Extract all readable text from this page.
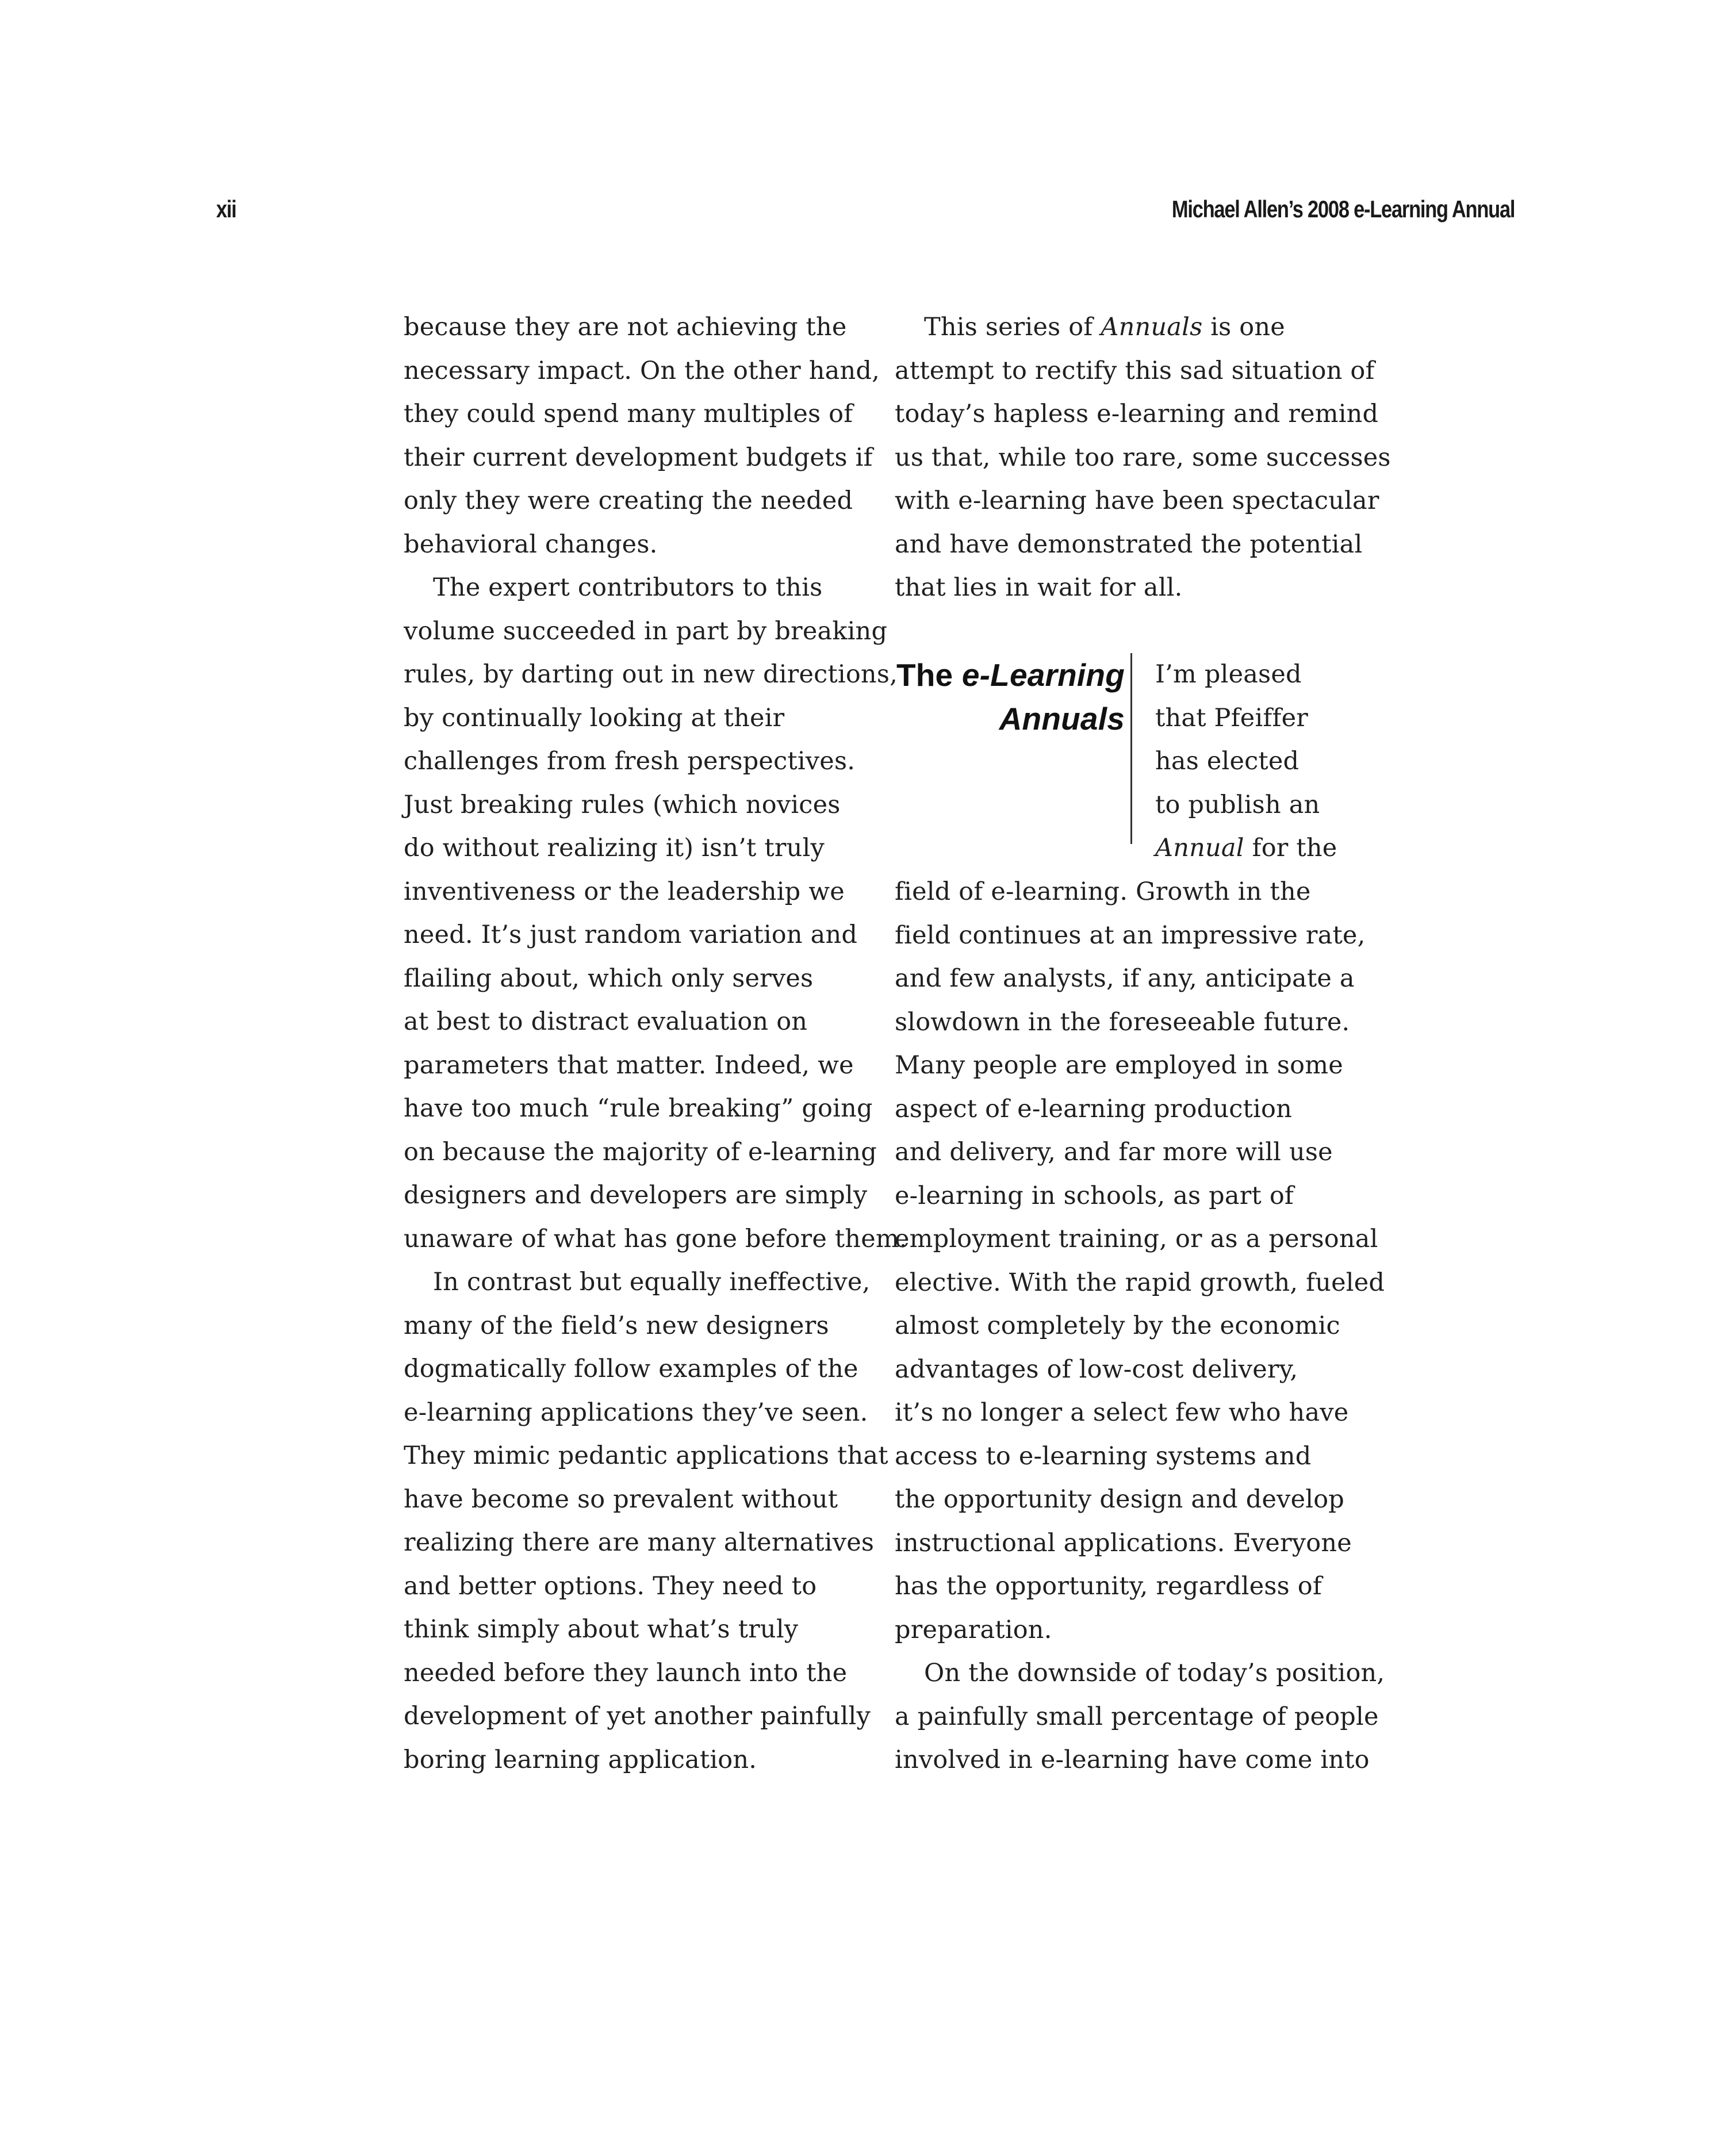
xii	Michael Allen’s 2008 e-Learning Annual
because they are not achieving the
necessary impact. On the other hand,
they could spend many multiples of
their current development budgets if
only they were creating the needed
behavioral changes.
The expert contributors to this
volume succeeded in part by breaking
rules, by darting out in new directions,
by continually looking at their
challenges from fresh perspectives.
Just breaking rules (which novices
do without realizing it) isn’t truly
inventiveness or the leadership we
need. It’s just random variation and
flailing about, which only serves
at best to distract evaluation on
parameters that matter. Indeed, we
have too much “rule breaking” going
on because the majority of e-learning
designers and developers are simply
unaware of what has gone before them.
In contrast but equally ineffective,
many of the field’s new designers
dogmatically follow examples of the
e-learning applications they’ve seen.
They mimic pedantic applications that
have become so prevalent without
realizing there are many alternatives
and better options. They need to
think simply about what’s truly
needed before they launch into the
development of yet another painfully
boring learning application.
This series of Annuals is one
attempt to rectify this sad situation of
today’s hapless e-learning and remind
us that, while too rare, some successes
with e-learning have been spectacular
and have demonstrated the potential
that lies in wait for all.
The e-Learning
Annuals
I’m pleased
that Pfeiffer
has elected
to publish an
Annual for the
field of e-learning. Growth in the
field continues at an impressive rate,
and few analysts, if any, anticipate a
slowdown in the foreseeable future.
Many people are employed in some
aspect of e-learning production
and delivery, and far more will use
e-learning in schools, as part of
employment training, or as a personal
elective. With the rapid growth, fueled
almost completely by the economic
advantages of low-cost delivery,
it’s no longer a select few who have
access to e-learning systems and
the opportunity design and develop
instructional applications. Everyone
has the opportunity, regardless of
preparation.
On the downside of today’s position,
a painfully small percentage of people
involved in e-learning have come into
